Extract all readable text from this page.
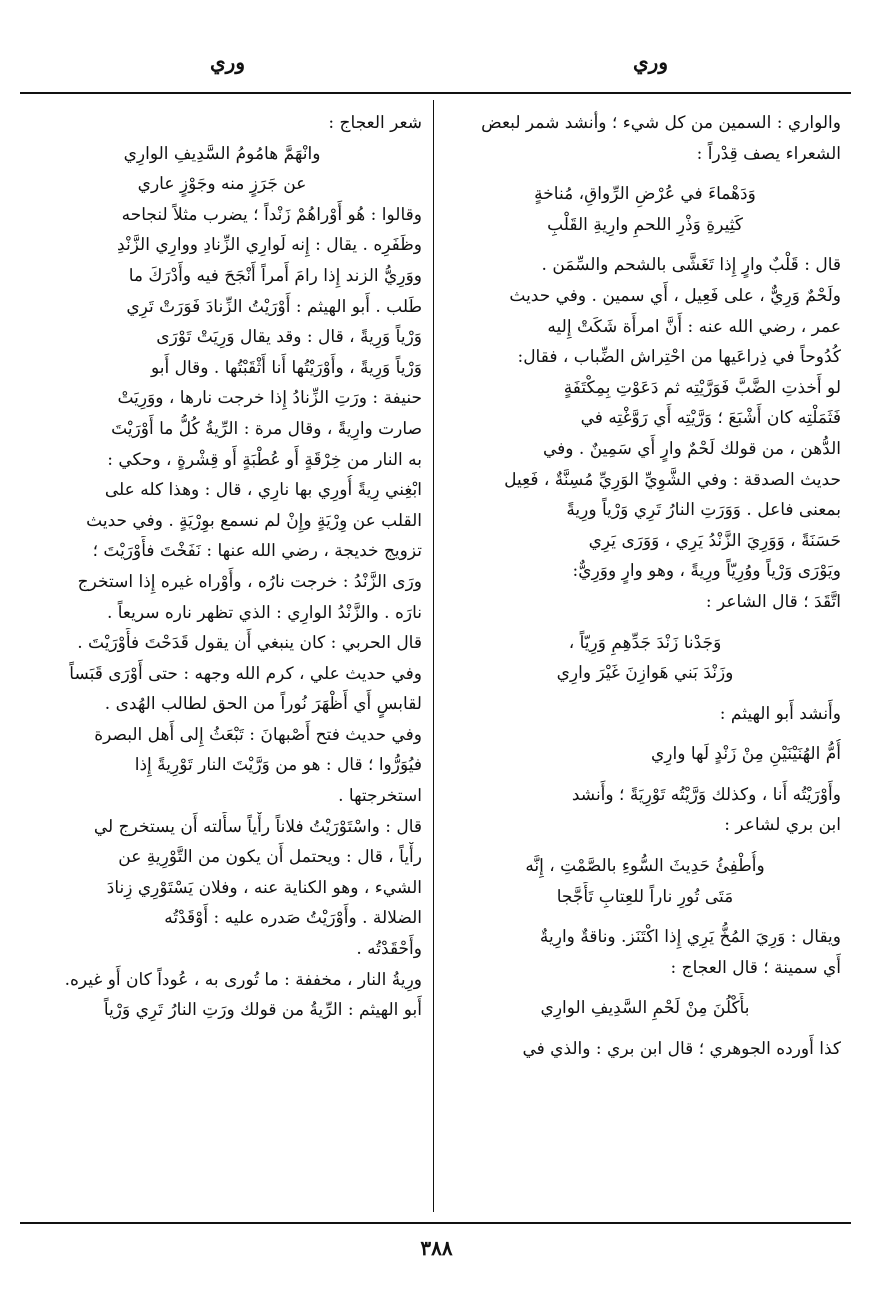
وري
وري
والواري : السمين من كل شيء ؛ وأنشد شمر لبعض
الشعراء يصف قِدْراً :
وَدَهْماءَ في عُرْضِ الرِّواقِ، مُناخةٍ
كَثِيرةِ وَذْرِ اللحمِ وارِيةِ القَلْبِ
قال : قَلْبٌ وارٍ إِذا تَغَشَّى بالشحم والسِّمَن .
ولَحْمٌ وَرِيٌّ ، على فَعِيل ، أَي سمين . وفي حديث
عمر ، رضي الله عنه : أَنَّ امرأَة شَكَتْ إِليه
كُدُوحاً في ذِراعَيها من احْتِراش الضِّباب ، فقال:
لو أَخذتِ الضَّبَّ فَوَرَّيْتِه ثم دَعَوْتِ بِمِكْتَفَةٍ
فَثَمَلْتِه كان أَشْبَعَ ؛ وَرَّيْتِه أَي رَوَّغْتِه في
الدُّهن ، من قولك لَحْمٌ وارٍ أَي سَمِينٌ . وفي
حديث الصدقة : وفي الشَّوِيِّ الوَرِيِّ مُسِنَّةٌ ، فَعِيل
بمعنى فاعل . وَوَرَتِ النارُ تَرِي وَرْياً ورِيةً
حَسَنَةً ، وَوَرِيَ الزَّنْدُ يَرِي ، وَوَرَى يَرِي
ويَوْرَى وَرْياً ووُرِيّاً ورِيةً ، وهو وارٍ ووَرِيٌّ:
اتَّقَدَ ؛ قال الشاعر :
وَجَدْنا زَنْدَ جَدِّهِمِ وَرِيّاً ،
وزَنْدَ بَني هَوازِنَ غَيْرَ وارِي
وأَنشد أَبو الهيثم :
أُمُّ الهُنَيْنَيْنِ مِنْ زَنْدٍ لَها وارِي
وأَوْرَيْتُه أَنا ، وكذلك وَرَّيْتُه تَوْرِيَةً ؛ وأَنشد
ابن بري لشاعر :
وأُطْفِئُ حَدِيثَ السُّوءِ بالصَّمْتِ ، إِنَّه
مَتَى تُورِ ناراً للعِتابِ تَأَجَّجا
ويقال : وَرِيَ المُخُّ يَرِي إِذا اكْتَنَز. وناقةٌ وارِيةٌ
أَي سمينة ؛ قال العجاج :
بأَكْلُنَ مِنْ لَحْمِ السَّدِيفِ الوارِي
كذا أَورده الجوهري ؛ قال ابن بري : والذي في
شعر العجاج :
وانْهَمَّ هامُومُ السَّدِيفِ الوارِي
عن جَرَزٍ منه وجَوْزٍ عاري
وقالوا : هُو أَوْراهُمْ زَنْداً ؛ يضرب مثلاً لنجاحه
وظَفَرِه . يقال : إِنه لَوارِي الزِّنادِ ووارِي الزَّنْدِ
ووَرِيُّ الزند إِذا رامَ أَمراً أَنْجَحَ فيه وأَدْرَكَ ما
طَلب . أَبو الهيثم : أَوْرَيْتُ الزِّنادَ فَوَرَتْ تَرِي
وَرْياً وَرِيةً ، قال : وقد يقال وَرِيَتْ تَوْرَى
وَرْياً وَرِيةً ، وأَوْرَيْتُها أَنا أَثْقَبْتُها . وقال أَبو
حنيفة : ورَتِ الزِّنادُ إِذا خرجت نارها ، ووَرِيَتْ
صارت وارِيةً ، وقال مرة : الرِّيةُ كُلُّ ما أَوْرَيْتَ
به النار من خِرْقَةٍ أَو عُطْبَةٍ أَو قِشْرةٍ ، وحكي :
ابْغِني رِيةً أُورِي بها نارِي ، قال : وهذا كله على
القلب عن وِرْيَةٍ وإِنْ لم نسمع بوِرْيَةٍ . وفي حديث
تزويج خديجة ، رضي الله عنها : نَفَخْتَ فأَوْرَيْتَ ؛
ورَى الزَّنْدُ : خرجت نارُه ، وأَوْراه غيره إِذا استخرج
نارَه . والزَّنْدُ الوارِي : الذي تظهر ناره سريعاً .
قال الحربي : كان ينبغي أَن يقول قَدَحْتَ فأَوْرَيْتَ .
وفي حديث علي ، كرم الله وجهه : حتى أَوْرَى قَبَساً
لقابسٍ أَي أَظْهَرَ نُوراً من الحق لطالب الهُدى .
وفي حديث فتح أَصْبهانَ : تَبْعَثُ إِلى أَهل البصرة
فيُوَرُّوا ؛ قال : هو من وَرَّيْتَ النار تَوْرِيةً إِذا
استخرجتها .
قال : واسْتَوْرَيْتُ فلاناً رأْياً سأَلته أَن يستخرج لي
رأْياً ، قال : ويحتمل أَن يكون من التَّوْرِيةِ عن
الشيء ، وهو الكناية عنه ، وفلان يَسْتَوْرِي زِنادَ
الضلالة . وأَوْرَيْتُ صَدره عليه : أَوْقَدْتُه
وأَحْقَدْتُه .
ورِيةُ النار ، مخففة : ما تُورى به ، عُوداً كان أَو غيره.
أَبو الهيثم : الرِّيةُ من قولك ورَتِ النارُ تَرِي وَرْياً
٣٨٨
